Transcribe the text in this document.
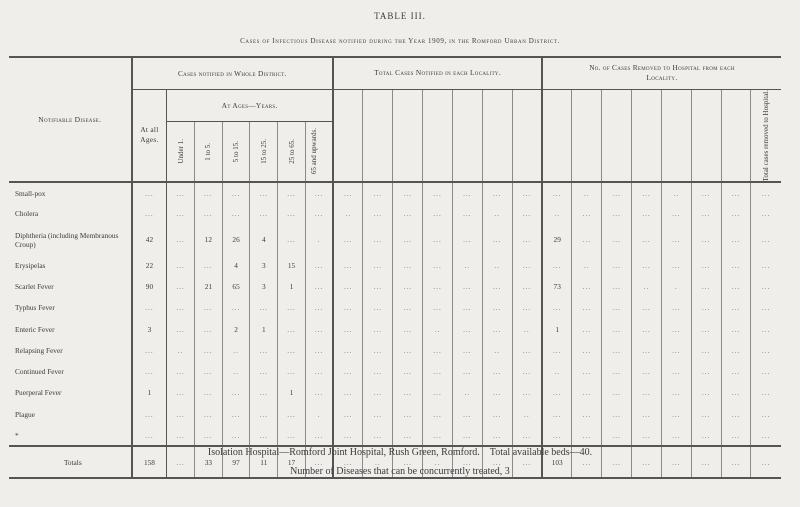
TABLE III.
Cases of Infectious Disease notified during the Year 1909, in the Romford Urban District.
Notifiable Disease.	Cases notified in Whole District.							Total Cases Notified in each Locality.							No. of Cases Removed to Hospital from each Locality.							
	At all Ages.	At Ages—Years.																				Total cases removed to Hospital.

		Under 1.	1 to 5.	5 to 15.	15 to 25.	25 to 65.	65 and upwards.															

Small-pox	...	...	...	...	...	...	...	...	...	...	...	...	...	...	...	..	...	...	..	...	...	...
Cholera	...	...	...	...	...	...	...	..	...	...	...	...	..	...	..	...	...	...	...	...	...	...
Diphtheria (including Membranous Croup)	42	...	12	26	4	...	.	...	...	...	...	...	...	...	29	...	...	...	...	...	...	...
Erysipelas	22	...	...	4	3	15	...	...	...	...	...	..	..	...	...	..	...	...	...	...	...	...
Scarlet Fever	90	...	21	65	3	1	...	...	...	...	...	...	...	...	73	...	...	..	.	...	...	...
Typhus Fever	...	...	...	...	...	...	...	...	...	...	...	...	...	...	...	...	...	...	...	...	...	...
Enteric Fever	3	...	...	2	1	...	...	...	...	...	..	...	...	..	1	...	...	...	...	...	...	...
Relapsing Fever	...	..	...	..	...	...	...	...	...	...	...	...	..	...	...	...	...	...	...	...	...	...
Continued Fever	...	...	...	..	...	...	...	...	...	...	...	...	...	...	..	...	...	...	...	...	...	...
Puerperal Fever	1	...	...	...	...	1	...	...	...	...	...	..	...	...	...	...	...	...	...	...	...	...
Plague	...	...	...	...	...	...	.	...	...	...	...	...	...	..	...	...	...	...	...	...	...	...
*	...	...	...	...	...	...	...	...	...	...	...	...	...	...	...	...	...	...	...	...	...	...
Totals	158	...	33	97	11	17	...	...	..	...	..	...	...	...	103	...	...	...	...	...	...	...
Isolation Hospital—Romford Joint Hospital, Rush Green, Romford. Total available beds—40.
Number of Diseases that can be concurrently treated, 3
